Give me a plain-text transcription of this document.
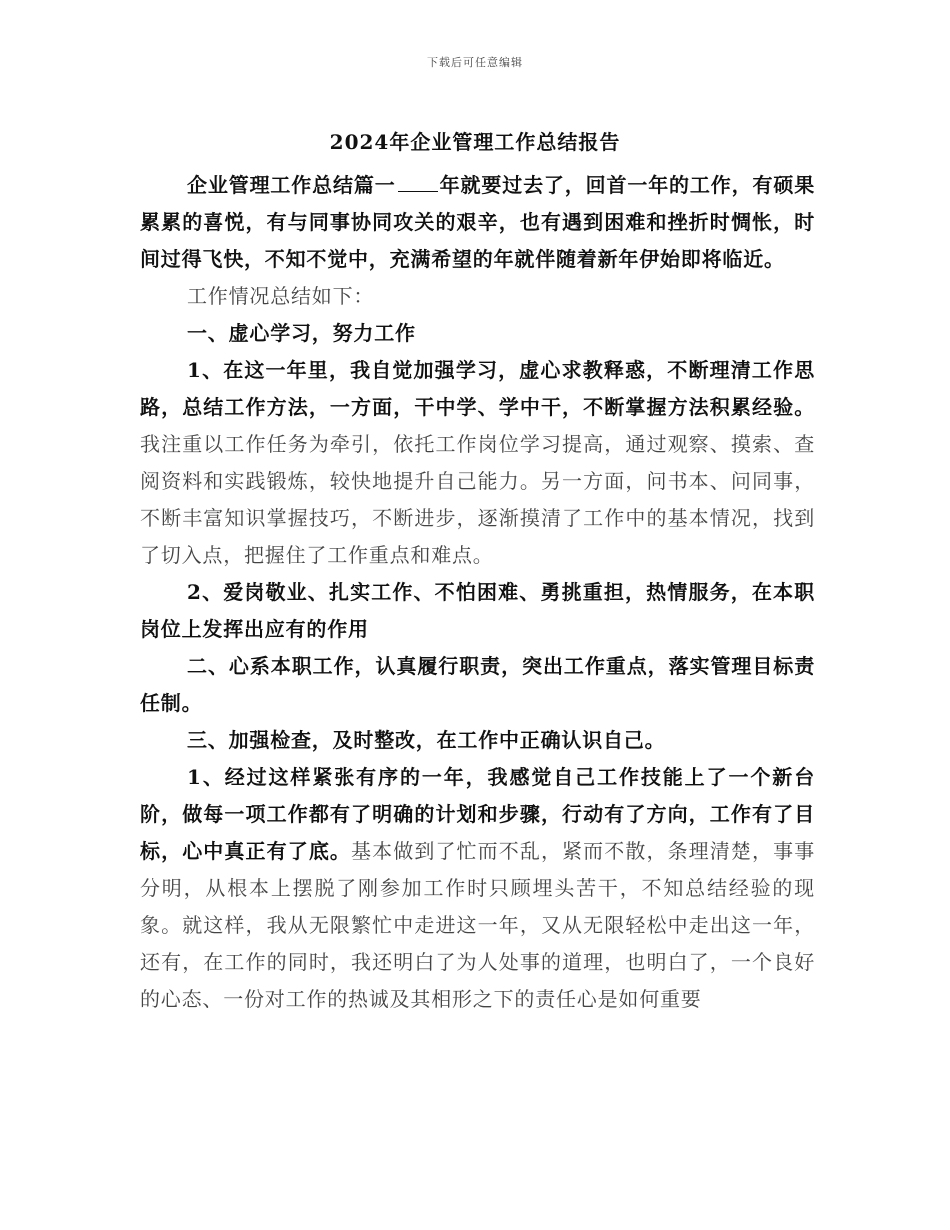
下载后可任意编辑
2024年企业管理工作总结报告

企业管理工作总结篇一 年就要过去了，回首一年的工作，有硕果累累的喜悦，有与同事协同攻关的艰辛，也有遇到困难和挫折时惆怅，时间过得飞快，不知不觉中，充满希望的年就伴随着新年伊始即将临近。

工作情况总结如下：

一、虚心学习，努力工作

1、在这一年里，我自觉加强学习，虚心求教释惑，不断理清工作思路，总结工作方法，一方面，干中学、学中干，不断掌握方法积累经验。我注重以工作任务为牵引，依托工作岗位学习提高，通过观察、摸索、查阅资料和实践锻炼，较快地提升自己能力。另一方面，问书本、问同事，不断丰富知识掌握技巧，不断进步，逐渐摸清了工作中的基本情况，找到了切入点，把握住了工作重点和难点。

2、爱岗敬业、扎实工作、不怕困难、勇挑重担，热情服务，在本职岗位上发挥出应有的作用

二、心系本职工作，认真履行职责，突出工作重点，落实管理目标责任制。

三、加强检查，及时整改，在工作中正确认识自己。

1、经过这样紧张有序的一年，我感觉自己工作技能上了一个新台阶，做每一项工作都有了明确的计划和步骤，行动有了方向，工作有了目标，心中真正有了底。基本做到了忙而不乱，紧而不散，条理清楚，事事分明，从根本上摆脱了刚参加工作时只顾埋头苦干，不知总结经验的现象。就这样，我从无限繁忙中走进这一年，又从无限轻松中走出这一年，还有，在工作的同时，我还明白了为人处事的道理，也明白了，一个良好的心态、一份对工作的热诚及其相形之下的责任心是如何重要
